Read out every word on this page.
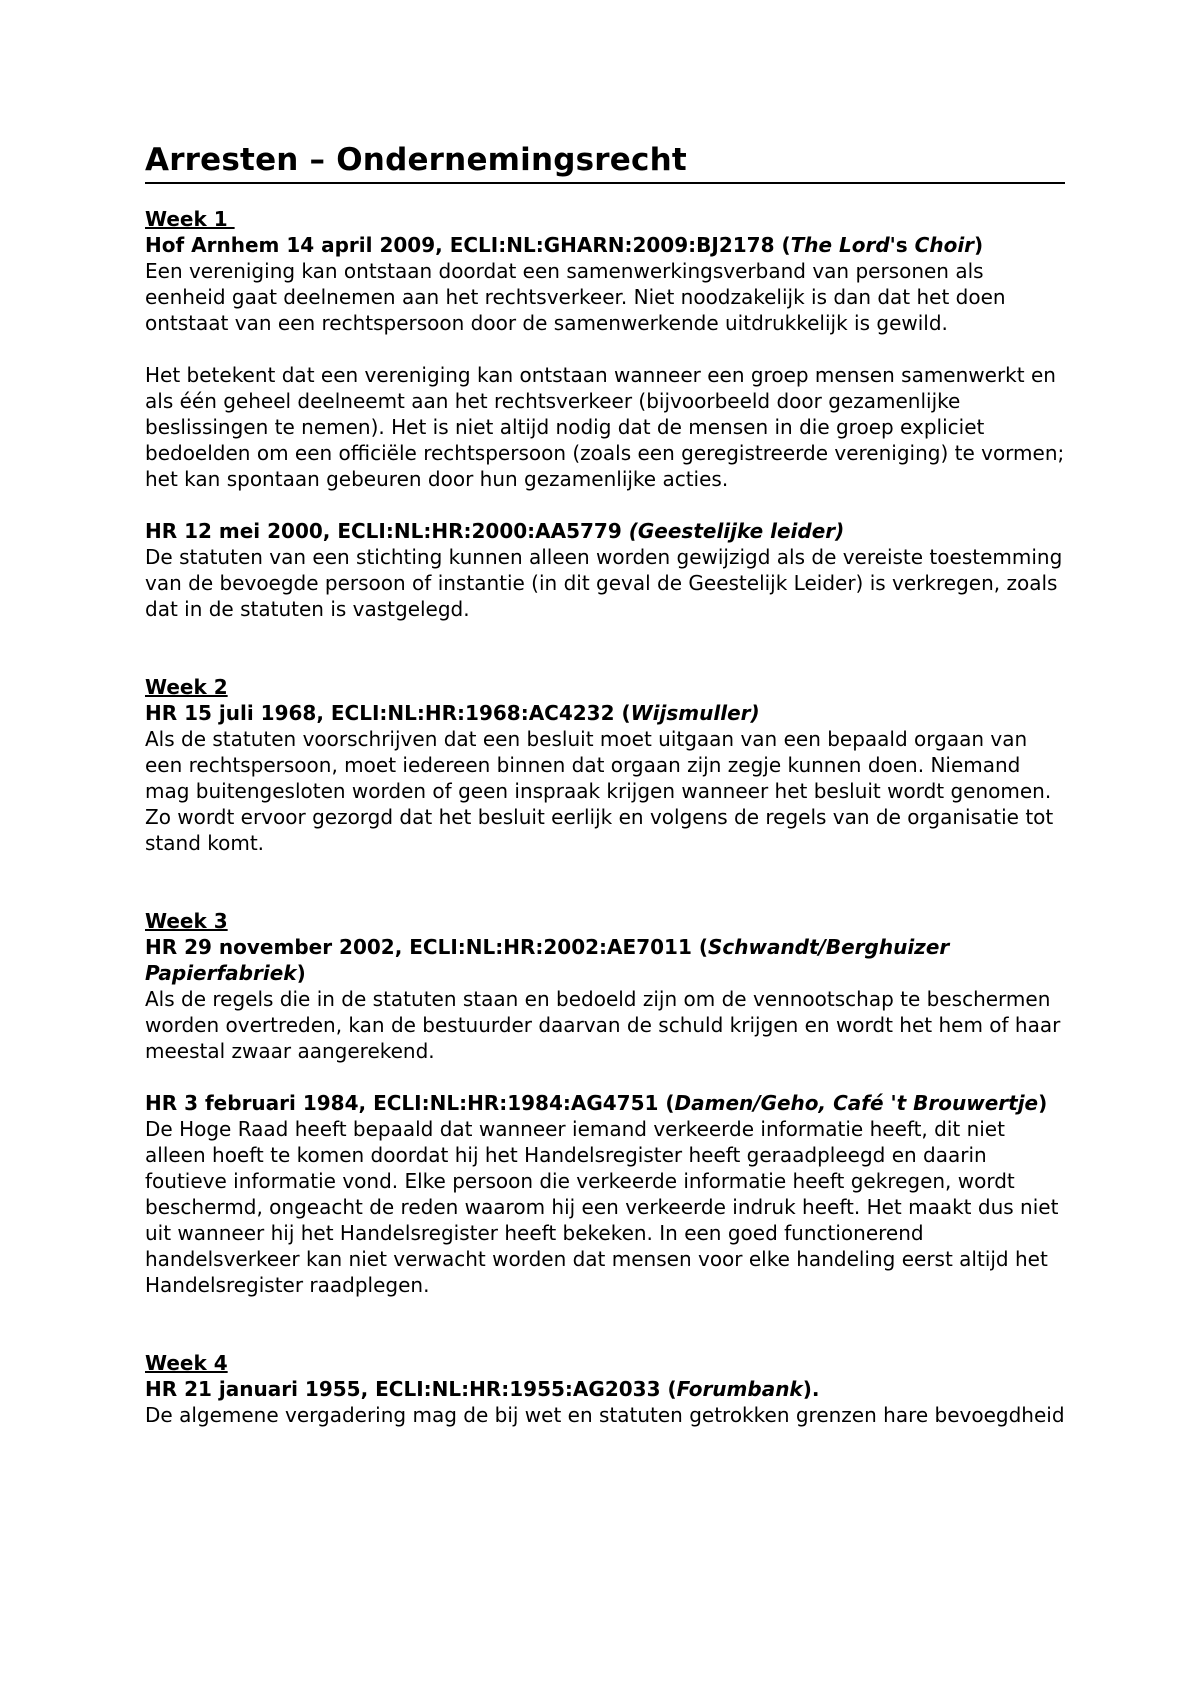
Arresten – Ondernemingsrecht

Week 1

Hof Arnhem 14 april 2009, ECLI:NL:GHARN:2009:BJ2178 (The Lord's Choir)

Een vereniging kan ontstaan doordat een samenwerkingsverband van personen als eenheid gaat deelnemen aan het rechtsverkeer. Niet noodzakelijk is dan dat het doen ontstaat van een rechtspersoon door de samenwerkende uitdrukkelijk is gewild.

Het betekent dat een vereniging kan ontstaan wanneer een groep mensen samenwerkt en als één geheel deelneemt aan het rechtsverkeer (bijvoorbeeld door gezamenlijke beslissingen te nemen). Het is niet altijd nodig dat de mensen in die groep expliciet bedoelden om een officiële rechtspersoon (zoals een geregistreerde vereniging) te vormen; het kan spontaan gebeuren door hun gezamenlijke acties.

HR 12 mei 2000, ECLI:NL:HR:2000:AA5779 (Geestelijke leider)

De statuten van een stichting kunnen alleen worden gewijzigd als de vereiste toestemming van de bevoegde persoon of instantie (in dit geval de Geestelijk Leider) is verkregen, zoals dat in de statuten is vastgelegd.

Week 2

HR 15 juli 1968, ECLI:NL:HR:1968:AC4232 (Wijsmuller)

Als de statuten voorschrijven dat een besluit moet uitgaan van een bepaald orgaan van een rechtspersoon, moet iedereen binnen dat orgaan zijn zegje kunnen doen. Niemand mag buitengesloten worden of geen inspraak krijgen wanneer het besluit wordt genomen. Zo wordt ervoor gezorgd dat het besluit eerlijk en volgens de regels van de organisatie tot stand komt.

Week 3

HR 29 november 2002, ECLI:NL:HR:2002:AE7011 (Schwandt/Berghuizer Papierfabriek)

Als de regels die in de statuten staan en bedoeld zijn om de vennootschap te beschermen worden overtreden, kan de bestuurder daarvan de schuld krijgen en wordt het hem of haar meestal zwaar aangerekend.

HR 3 februari 1984, ECLI:NL:HR:1984:AG4751 (Damen/Geho, Café 't Brouwertje)

De Hoge Raad heeft bepaald dat wanneer iemand verkeerde informatie heeft, dit niet alleen hoeft te komen doordat hij het Handelsregister heeft geraadpleegd en daarin foutieve informatie vond. Elke persoon die verkeerde informatie heeft gekregen, wordt beschermd, ongeacht de reden waarom hij een verkeerde indruk heeft. Het maakt dus niet uit wanneer hij het Handelsregister heeft bekeken. In een goed functionerend handelsverkeer kan niet verwacht worden dat mensen voor elke handeling eerst altijd het Handelsregister raadplegen.

Week 4

HR 21 januari 1955, ECLI:NL:HR:1955:AG2033 (Forumbank).

De algemene vergadering mag de bij wet en statuten getrokken grenzen hare bevoegdheid
